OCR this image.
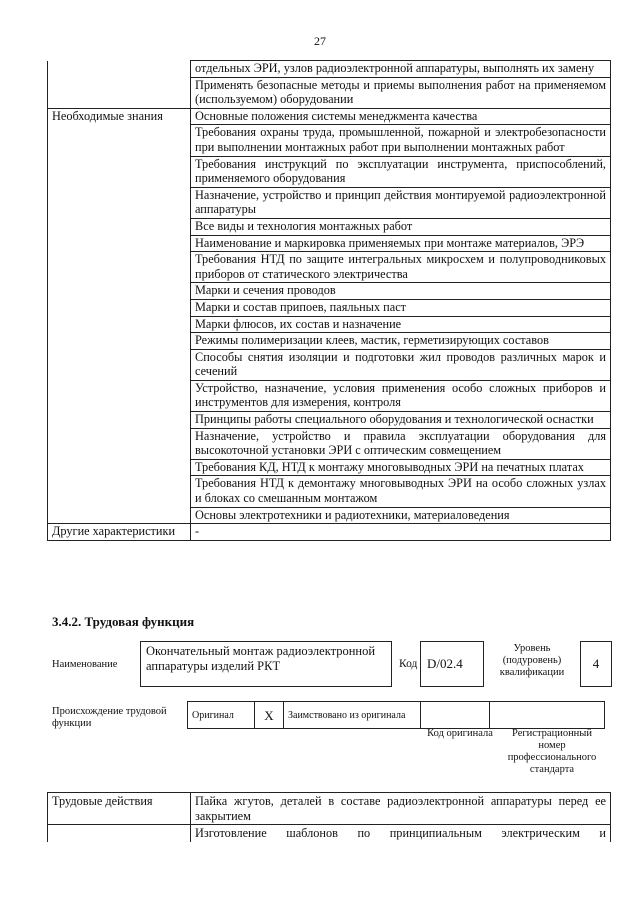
27
	отдельных ЭРИ, узлов радиоэлектронной аппаратуры, выполнять их замену
	Применять безопасные методы и приемы выполнения работ на применяемом (используемом) оборудовании
Необходимые знания	Основные положения системы менеджмента качества
	Требования охраны труда, промышленной, пожарной и электробезопасности при выполнении монтажных работ при выполнении монтажных работ
	Требования инструкций по эксплуатации инструмента, приспособлений, применяемого оборудования
	Назначение, устройство и принцип действия монтируемой радиоэлектронной аппаратуры
	Все виды и технология монтажных работ
	Наименование и маркировка применяемых при монтаже материалов, ЭРЭ
	Требования НТД по защите интегральных микросхем и полупроводниковых приборов от статического электричества
	Марки и сечения проводов
	Марки и состав припоев, паяльных паст
	Марки флюсов, их состав и назначение
	Режимы полимеризации клеев, мастик, герметизирующих составов
	Способы снятия изоляции и подготовки жил проводов различных марок и сечений
	Устройство, назначение, условия применения особо сложных приборов и инструментов для измерения, контроля
	Принципы работы специального оборудования и технологической оснастки
	Назначение, устройство и правила эксплуатации оборудования для высокоточной установки ЭРИ с оптическим совмещением
	Требования КД, НТД к монтажу многовыводных ЭРИ на печатных платах
	Требования НТД к демонтажу многовыводных ЭРИ на особо сложных узлах и блоках со смешанным монтажом
	Основы электротехники и радиотехники, материаловедения
Другие характеристики	-
3.4.2. Трудовая функция
Наименование
Окончательный монтаж радиоэлектронной аппаратуры изделий РКТ	Код D/02.4
Уровень (подуровень) квалификации
4
Происхождение трудовой функции
Оригинал	X	Заимствовано из оригинала		
Код оригинала	Регистрационный номер профессионального стандарта
Трудовые действия	Пайка жгутов, деталей в составе радиоэлектронной аппаратуры перед ее закрытием
	Изготовление шаблонов по принципиальным электрическим и
